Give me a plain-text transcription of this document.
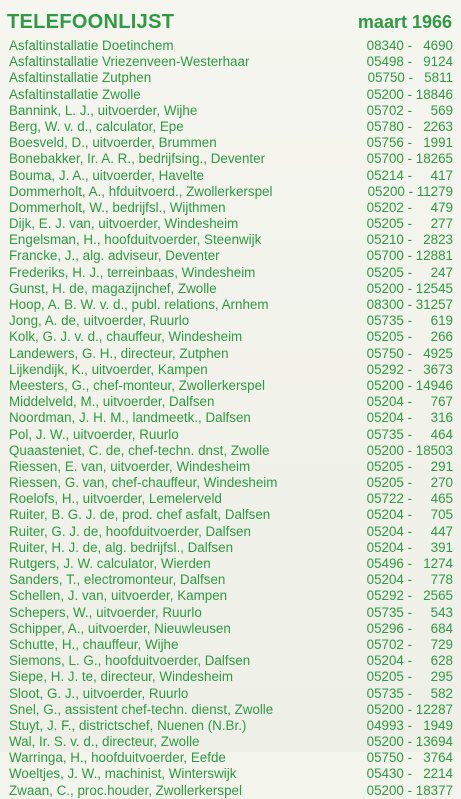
TELEFOONLIJST	maart 1966
Asfaltinstallatie Doetinchem	08340 -   4690
Asfaltinstallatie Vriezenveen-Westerhaar	05498 -   9124
Asfaltinstallatie Zutphen	05750 -   5811
Asfaltinstallatie Zwolle	05200 - 18846
Bannink, L. J., uitvoerder, Wijhe	05702 -     569
Berg, W. v. d., calculator, Epe	05780 -   2263
Boesveld, D., uitvoerder, Brummen	05756 -   1991
Bonebakker, Ir. A. R., bedrijfsing., Deventer	05700 - 18265
Bouma, J. A., uitvoerder, Havelte	05214 -     417
Dommerholt, A., hfduitvoerd., Zwollerkerspel	05200 - 11279
Dommerholt, W., bedrijfsl., Wijthmen	05202 -     479
Dijk, E. J. van, uitvoerder, Windesheim	05205 -     277
Engelsman, H., hoofduitvoerder, Steenwijk	05210 -   2823
Francke, J., alg. adviseur, Deventer	05700 - 12881
Frederiks, H. J., terreinbaas, Windesheim	05205 -     247
Gunst, H. de, magazijnchef, Zwolle	05200 - 12545
Hoop, A. B. W. v. d., publ. relations, Arnhem	08300 - 31257
Jong, A. de, uitvoerder, Ruurlo	05735 -     619
Kolk, G. J. v. d., chauffeur, Windesheim	05205 -     266
Landewers, G. H., directeur, Zutphen	05750 -   4925
Lijkendijk, K., uitvoerder, Kampen	05292 -   3673
Meesters, G., chef-monteur, Zwollerkerspel	05200 - 14946
Middelveld, M., uitvoerder, Dalfsen	05204 -     767
Noordman, J. H. M., landmeetk., Dalfsen	05204 -     316
Pol, J. W., uitvoerder, Ruurlo	05735 -     464
Quaasteniet, C. de, chef-techn. dnst, Zwolle	05200 - 18503
Riessen, E. van, uitvoerder, Windesheim	05205 -     291
Riessen, G. van, chef-chauffeur, Windesheim	05205 -     270
Roelofs, H., uitvoerder, Lemelerveld	05722 -     465
Ruiter, B. G. J. de, prod. chef asfalt, Dalfsen	05204 -     705
Ruiter, G. J. de, hoofduitvoerder, Dalfsen	05204 -     447
Ruiter, H. J. de, alg. bedrijfsl., Dalfsen	05204 -     391
Rutgers, J. W. calculator, Wierden	05496 -   1274
Sanders, T., electromonteur, Dalfsen	05204 -     778
Schellen, J. van, uitvoerder, Kampen	05292 -   2565
Schepers, W., uitvoerder, Ruurlo	05735 -     543
Schipper, A., uitvoerder, Nieuwleusen	05296 -     684
Schutte, H., chauffeur, Wijhe	05702 -     729
Siemons, L. G., hoofduitvoerder, Dalfsen	05204 -     628
Siepe, H. J. te, directeur, Windesheim	05205 -     295
Sloot, G. J., uitvoerder, Ruurlo	05735 -     582
Snel, G., assistent chef-techn. dienst, Zwolle	05200 - 12287
Stuyt, J. F., districtschef, Nuenen (N.Br.)	04993 -   1949
Wal, Ir. S. v. d., directeur, Zwolle	05200 - 13694
Warringa, H., hoofduitvoerder, Eefde	05750 -   3764
Woeltjes, J. W., machinist, Winterswijk	05430 -   2214
Zwaan, C., proc.houder, Zwollerkerspel	05200 - 18377
